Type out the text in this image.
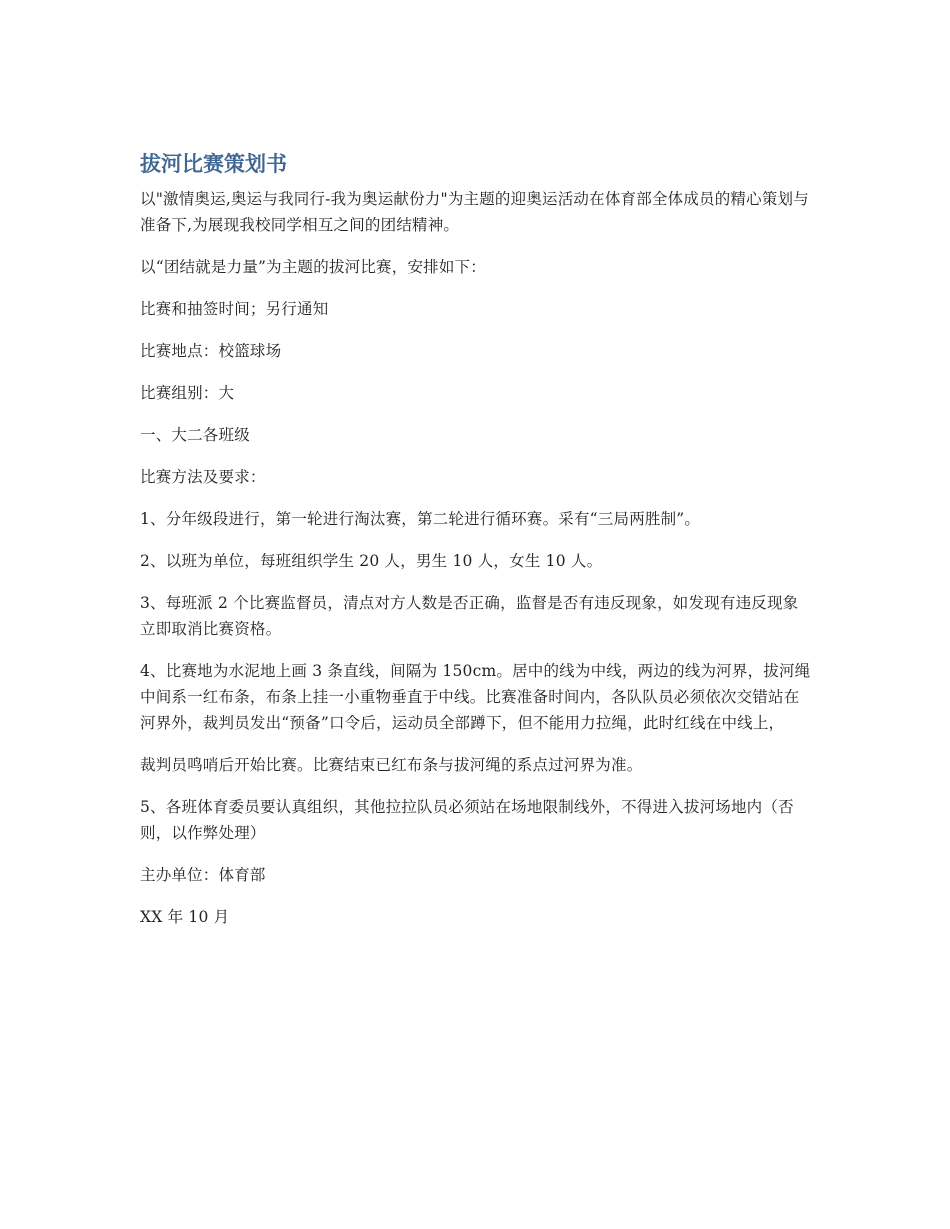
拔河比赛策划书

以"激情奥运,奥运与我同行-我为奥运献份力"为主题的迎奥运活动在体育部全体成员的精心策划与准备下,为展现我校同学相互之间的团结精神。

以“团结就是力量”为主题的拔河比赛，安排如下：

比赛和抽签时间；另行通知

比赛地点：校篮球场

比赛组别：大

一、大二各班级

比赛方法及要求：

1、分年级段进行，第一轮进行淘汰赛，第二轮进行循环赛。采有“三局两胜制”。

2、以班为单位，每班组织学生 20 人，男生 10 人，女生 10 人。

3、每班派 2 个比赛监督员，清点对方人数是否正确，监督是否有违反现象，如发现有违反现象立即取消比赛资格。

4、比赛地为水泥地上画 3 条直线，间隔为 150cm。居中的线为中线，两边的线为河界，拔河绳中间系一红布条，布条上挂一小重物垂直于中线。比赛准备时间内，各队队员必须依次交错站在河界外，裁判员发出“预备”口令后，运动员全部蹲下，但不能用力拉绳，此时红线在中线上，

裁判员鸣哨后开始比赛。比赛结束已红布条与拔河绳的系点过河界为准。

5、各班体育委员要认真组织，其他拉拉队员必须站在场地限制线外，不得进入拔河场地内（否则，以作弊处理）

主办单位：体育部

XX 年 10 月
